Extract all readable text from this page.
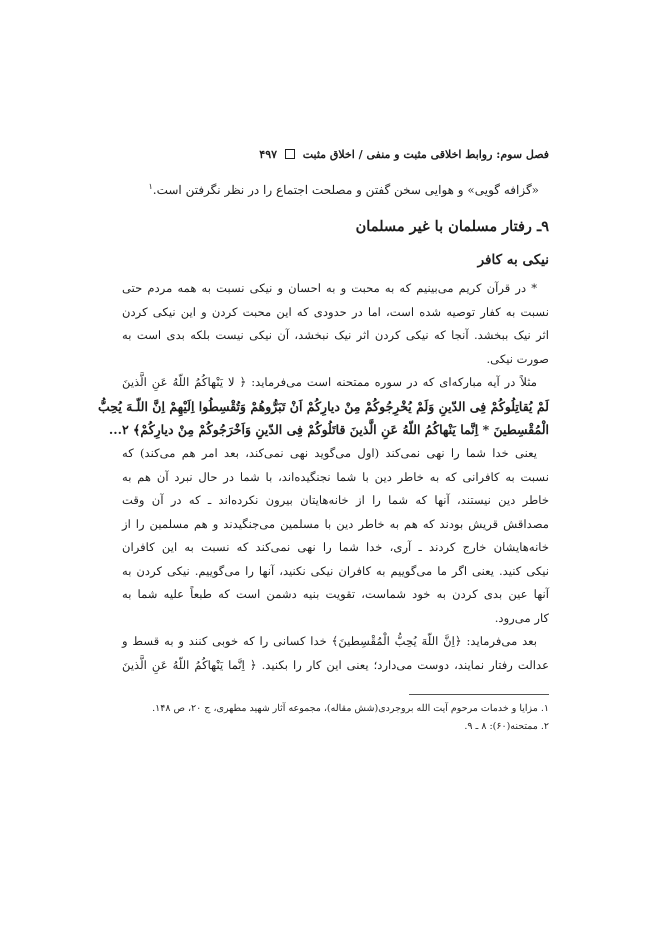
فصل سوم: روابط اخلاقی مثبت و منفی / اخلاق مثبت  ۴۹۷
«گزافه گویی» و هوایی سخن گفتن و مصلحت اجتماع را در نظر نگرفتن است.$^۱$
۹ـ رفتار مسلمان با غیر مسلمان
نیکی به کافر
* در قرآن کریم می‌بینیم که به محبت و به احسان و نیکی نسبت به همه مردم حتی
نسبت به کفار توصیه شده است، اما در حدودی که این محبت کردن و این نیکی کردن
اثر نیک ببخشد. آنجا که نیکی کردن اثر نیک نبخشد، آن نیکی نیست بلکه بدی است به
صورت نیکی.
مثلاً در آیه مبارکه‌ای که در سوره ممتحنه است می‌فرماید: ﴿ لا یَنْهاکُمُ اللّهُ عَنِ الَّذینَ
لَمْ یُقاتِلُوکُمْ فِی الدّینِ وَلَمْ یُخْرِجُوکُمْ مِنْ دیارِکُمْ اَنْ تَبَرُّوهُمْ وَتُقْسِطُوا اِلَیْهِمْ اِنَّ اللّـهَ یُحِبُّ
الْمُقْسِطینَ * اِنَّما یَنْهاکُمُ اللّهُ عَنِ الَّذینَ قاتَلُوکُمْ فِی الدّینِ وَاَخْرَجُوکُمْ مِنْ دیارِکُمْ﴾ ۲...
یعنی خدا شما را نهی نمی‌کند (اول می‌گوید نهی نمی‌کند، بعد امر هم می‌کند) که
نسبت به کافرانی که به خاطر دین با شما نجنگیده‌اند، با شما در حال نبرد آن هم به
خاطر دین نیستند، آنها که شما را از خانه‌هایتان بیرون نکرده‌اند ـ که در آن وقت
مصداقش قریش بودند که هم به خاطر دین با مسلمین می‌جنگیدند و هم مسلمین را از
خانه‌هایشان خارج کردند ـ آری، خدا شما را نهی نمی‌کند که نسبت به این کافران
نیکی کنید. یعنی اگر ما می‌گوییم به کافران نیکی نکنید، آنها را می‌گوییم. نیکی کردن به
آنها عین بدی کردن به خود شماست، تقویت بنیه دشمن است که طبعاً علیه شما به
کار می‌رود.
بعد می‌فرماید: ﴿اِنَّ اللّهَ یُحِبُّ الْمُقْسِطینَ﴾ خدا کسانی را که خوبی کنند و به قسط و
عدالت رفتار نمایند، دوست می‌دارد؛ یعنی این کار را بکنید. ﴿ اِنَّما یَنْهاکُمُ اللّهُ عَنِ الَّذینَ
۱. مزایا و خدمات مرحوم آیت الله بروجردی(شش مقاله)، مجموعه آثار شهید مطهری، ج ۲۰، ص ۱۴۸.
۲. ممتحنه(۶۰): ۸ ـ ۹.
